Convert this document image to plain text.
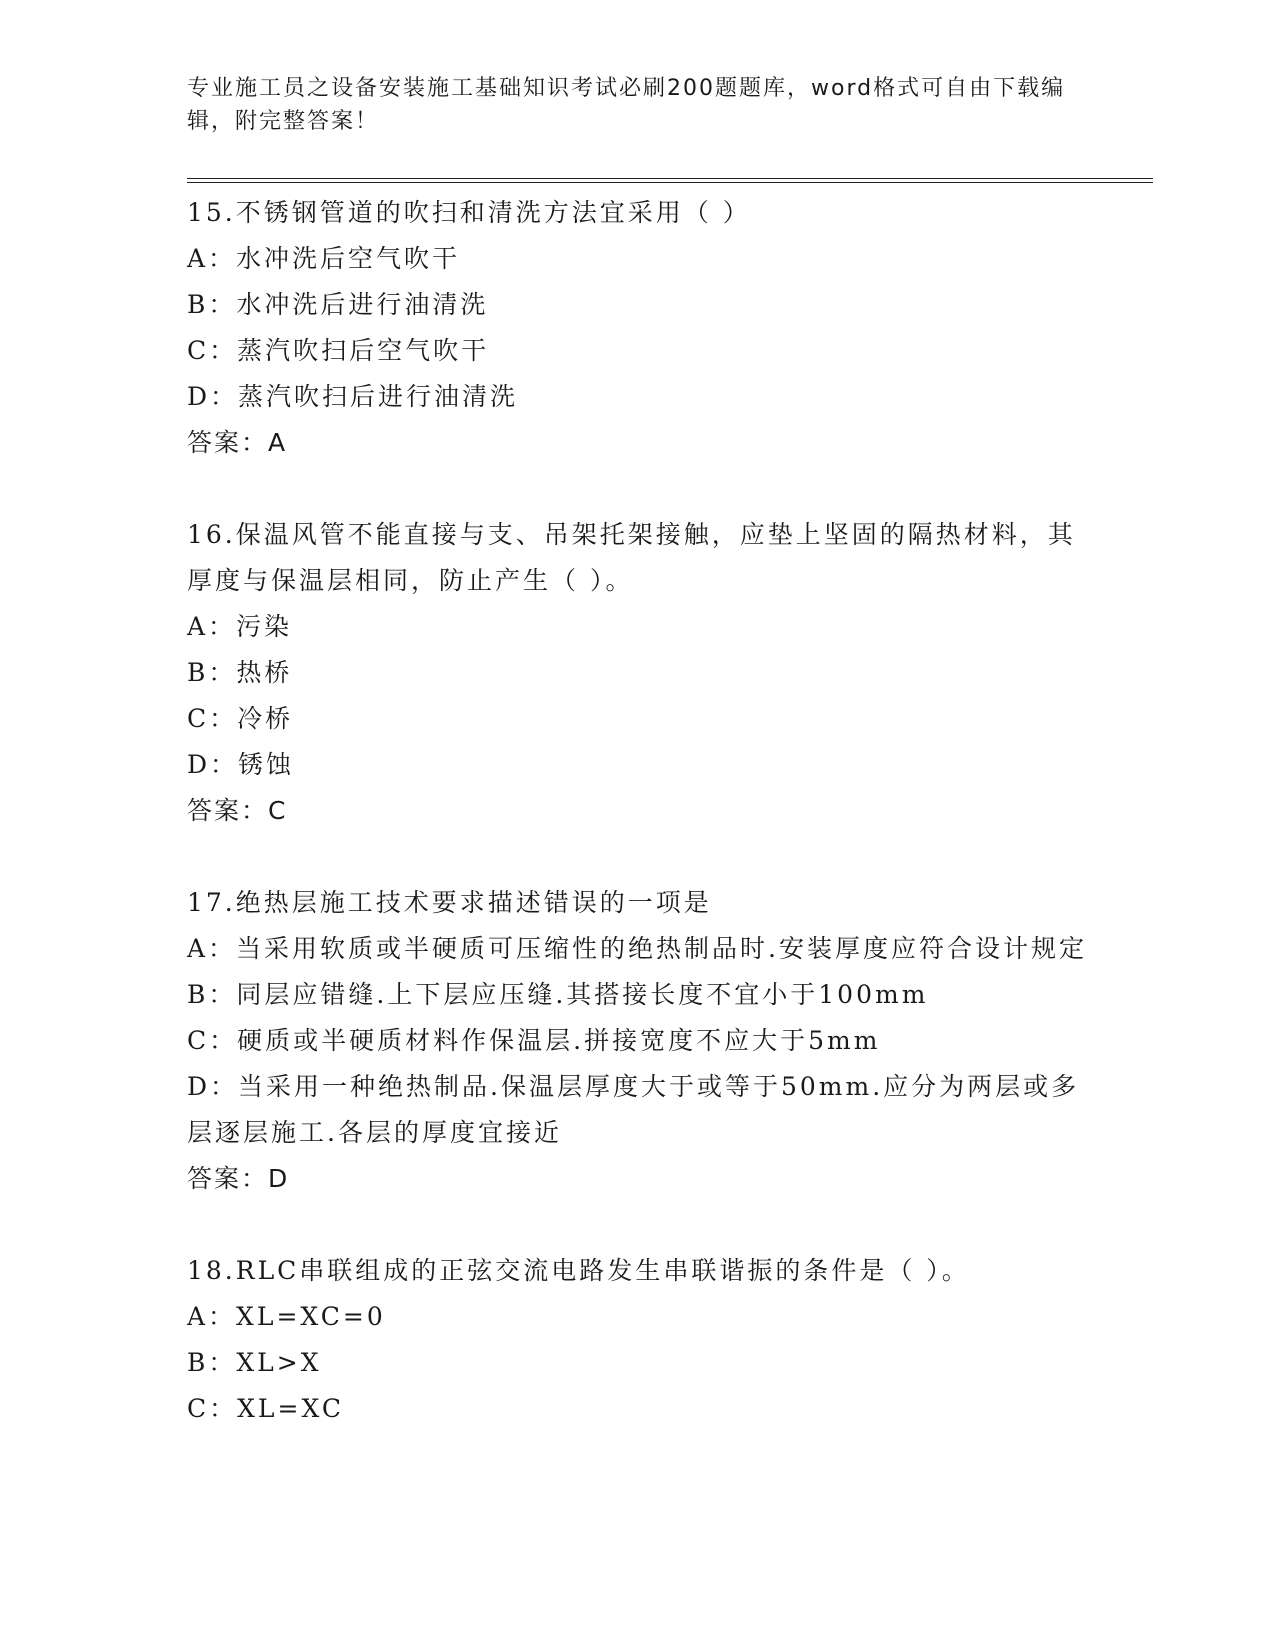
专业施工员之设备安装施工基础知识考试必刷200题题库，word格式可自由下载编辑，附完整答案！
15.不锈钢管道的吹扫和清洗方法宜采用（ ）
A：水冲洗后空气吹干
B：水冲洗后进行油清洗
C：蒸汽吹扫后空气吹干
D：蒸汽吹扫后进行油清洗
答案：A
16.保温风管不能直接与支、吊架托架接触，应垫上坚固的隔热材料，其厚度与保温层相同，防止产生（ ）。
A：污染
B：热桥
C：冷桥
D：锈蚀
答案：C
17.绝热层施工技术要求描述错误的一项是
A：当采用软质或半硬质可压缩性的绝热制品时.安装厚度应符合设计规定
B：同层应错缝.上下层应压缝.其搭接长度不宜小于100mm
C：硬质或半硬质材料作保温层.拼接宽度不应大于5mm
D：当采用一种绝热制品.保温层厚度大于或等于50mm.应分为两层或多层逐层施工.各层的厚度宜接近
答案：D
18.RLC串联组成的正弦交流电路发生串联谐振的条件是（ ）。
A：XL=XC=0
B：XL>X
C：XL=XC
